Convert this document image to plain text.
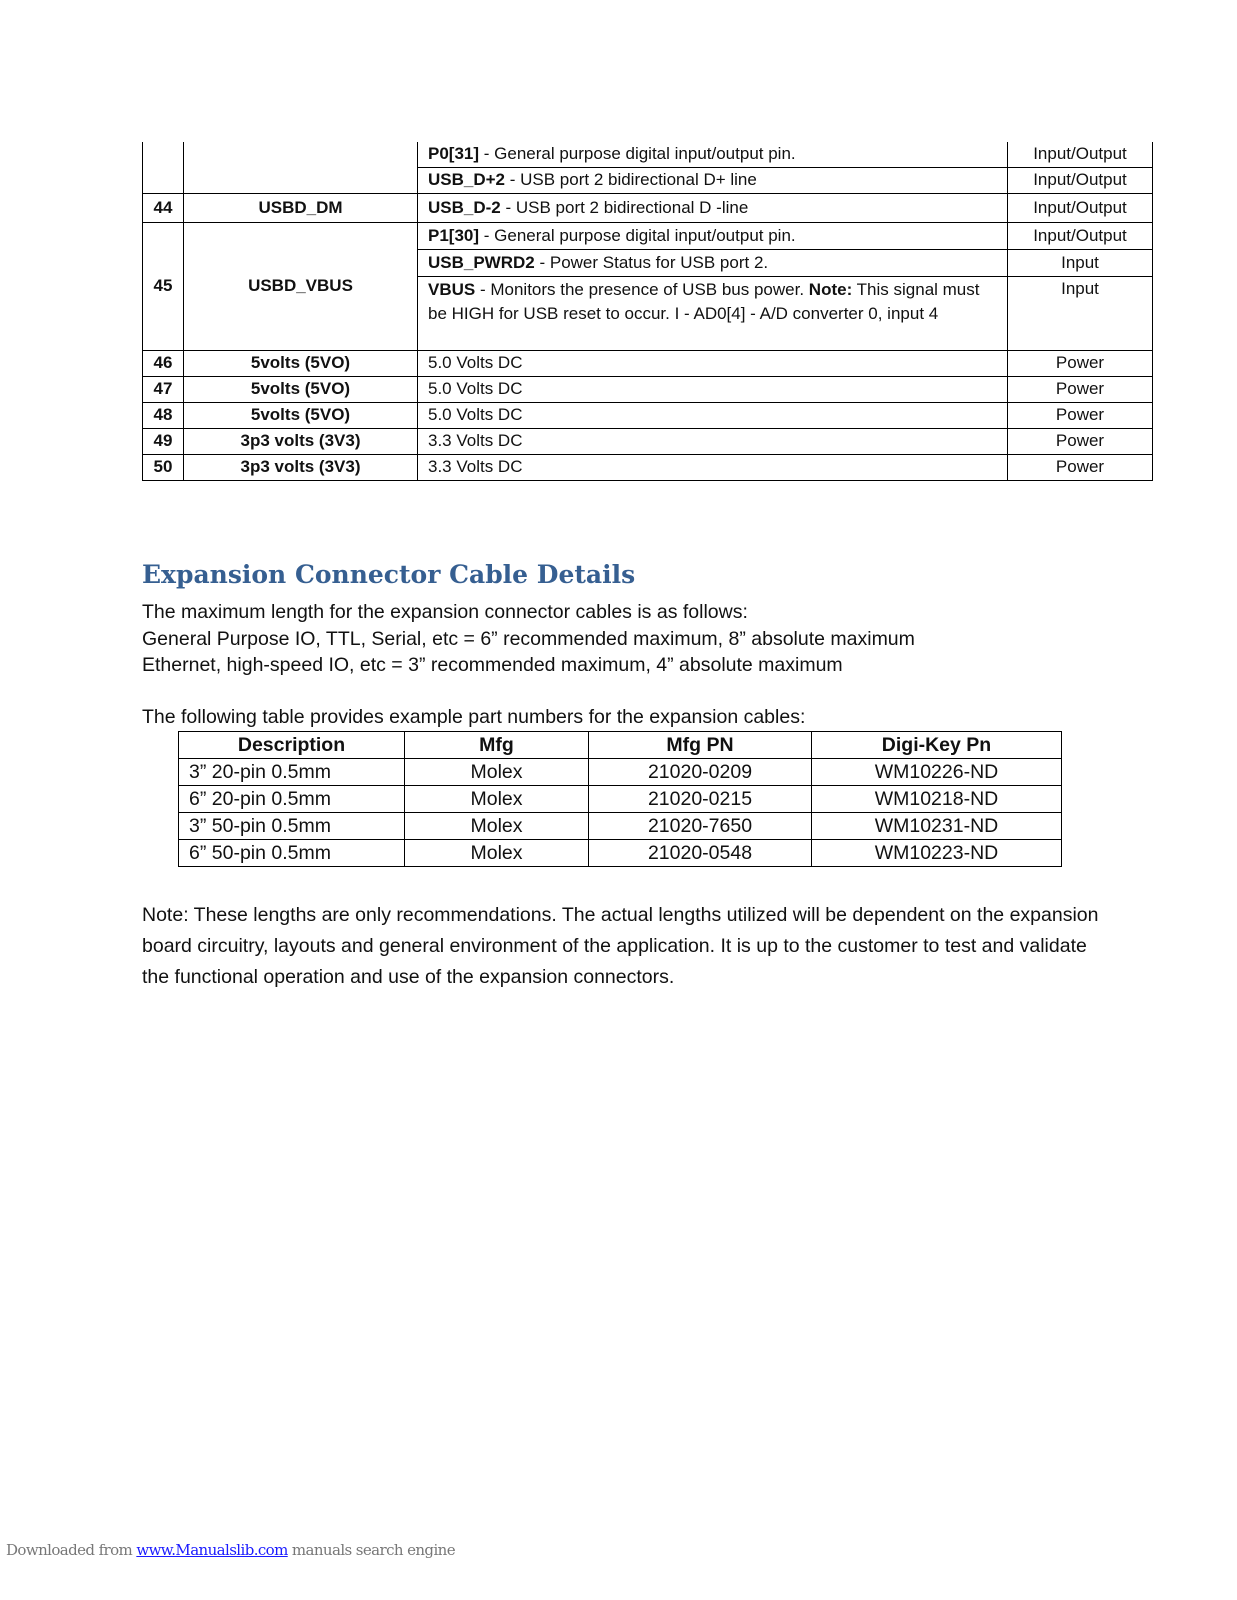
		P0[31] - General purpose digital input/output pin.	Input/Output
		USB_D+2 - USB port 2 bidirectional D+ line	Input/Output
44	USBD_DM	USB_D-2 - USB port 2 bidirectional D -line	Input/Output
45	USBD_VBUS	P1[30] - General purpose digital input/output pin.	Input/Output
		USB_PWRD2 - Power Status for USB port 2.	Input
		VBUS - Monitors the presence of USB bus power. Note: This signal must be HIGH for USB reset to occur. I - AD0[4] - A/D converter 0, input 4	Input
46	5volts (5VO)	5.0 Volts DC	Power
47	5volts (5VO)	5.0 Volts DC	Power
48	5volts (5VO)	5.0 Volts DC	Power
49	3p3 volts (3V3)	3.3 Volts DC	Power
50	3p3 volts (3V3)	3.3 Volts DC	Power
Expansion Connector Cable Details
The maximum length for the expansion connector cables is as follows:
General Purpose IO, TTL, Serial, etc = 6” recommended maximum, 8” absolute maximum
Ethernet, high-speed IO, etc = 3” recommended maximum, 4” absolute maximum

The following table provides example part numbers for the expansion cables:

Description	Mfg	Mfg PN	Digi-Key Pn
3” 20-pin 0.5mm	Molex	21020-0209	WM10226-ND
6” 20-pin 0.5mm	Molex	21020-0215	WM10218-ND
3” 50-pin 0.5mm	Molex	21020-7650	WM10231-ND
6” 50-pin 0.5mm	Molex	21020-0548	WM10223-ND

Note: These lengths are only recommendations. The actual lengths utilized will be dependent on the expansion board circuitry, layouts and general environment of the application. It is up to the customer to test and validate the functional operation and use of the expansion connectors.

Downloaded from www.Manualslib.com manuals search engine
